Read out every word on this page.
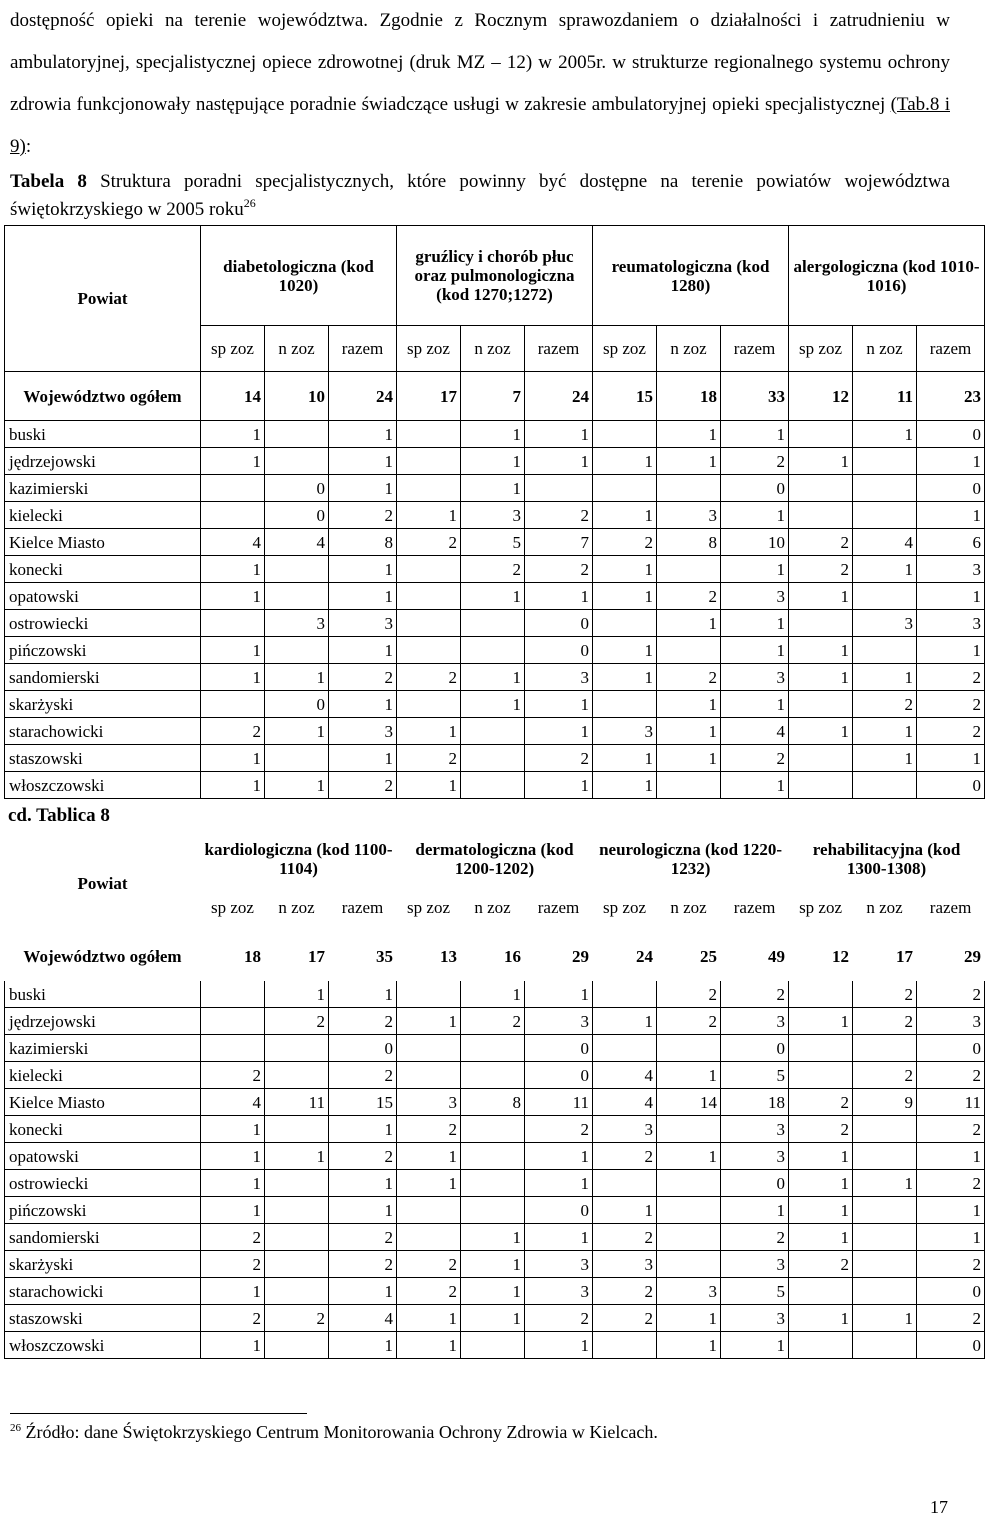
dostępność opieki na terenie województwa. Zgodnie z Rocznym sprawozdaniem o działalności i zatrudnieniu w ambulatoryjnej, specjalistycznej opiece zdrowotnej (druk MZ – 12) w 2005r. w strukturze regionalnego systemu ochrony zdrowia funkcjonowały następujące poradnie świadczące usługi w zakresie ambulatoryjnej opieki specjalistycznej (Tab.8 i 9):

Tabela 8 Struktura poradni specjalistycznych, które powinny być dostępne na terenie powiatów województwa świętokrzyskiego w 2005 roku$^{26}$
Powiat	diabetologiczna (kod 1020)			gruźlicy i chorób płuc oraz pulmonologiczna (kod 1270;1272)			reumatologiczna (kod 1280)			alergologiczna (kod 1010-1016)		
	sp zoz	n zoz	razem	sp zoz	n zoz	razem	sp zoz	n zoz	razem	sp zoz	n zoz	razem
Województwo ogółem	14	10	24	17	7	24	15	18	33	12	11	23
buski	1		1		1	1		1	1		1	0
jędrzejowski	1		1		1	1	1	1	2	1		1
kazimierski		0	1		1				0			0
kielecki		0	2	1	3	2	1	3	1			1
Kielce Miasto	4	4	8	2	5	7	2	8	10	2	4	6
konecki	1		1		2	2	1		1	2	1	3
opatowski	1		1		1	1	1	2	3	1		1
ostrowiecki		3	3			0		1	1		3	3
pińczowski	1		1			0	1		1	1		1
sandomierski	1	1	2	2	1	3	1	2	3	1	1	2
skarżyski		0	1		1	1		1	1		2	2
starachowicki	2	1	3	1		1	3	1	4	1	1	2
staszowski	1		1	2		2	1	1	2		1	1
włoszczowski	1	1	2	1		1	1		1			0
cd. Tablica 8
Powiat	kardiologiczna (kod 1100-1104)			dermatologiczna (kod 1200-1202)			neurologiczna (kod 1220-1232)			rehabilitacyjna (kod 1300-1308)		
	sp zoz	n zoz	razem	sp zoz	n zoz	razem	sp zoz	n zoz	razem	sp zoz	n zoz	razem
Województwo ogółem	18	17	35	13	16	29	24	25	49	12	17	29
buski		1	1		1	1		2	2		2	2
jędrzejowski		2	2	1	2	3	1	2	3	1	2	3
kazimierski			0			0			0			0
kielecki	2		2			0	4	1	5		2	2
Kielce Miasto	4	11	15	3	8	11	4	14	18	2	9	11
konecki	1		1	2		2	3		3	2		2
opatowski	1	1	2	1		1	2	1	3	1		1
ostrowiecki	1		1	1		1			0	1	1	2
pińczowski	1		1			0	1		1	1		1
sandomierski	2		2		1	1	2		2	1		1
skarżyski	2		2	2	1	3	3		3	2		2
starachowicki	1		1	2	1	3	2	3	5			0
staszowski	2	2	4	1	1	2	2	1	3	1	1	2
włoszczowski	1		1	1		1		1	1			0
$^{26}$ Źródło: dane Świętokrzyskiego Centrum Monitorowania Ochrony Zdrowia w Kielcach.
17
